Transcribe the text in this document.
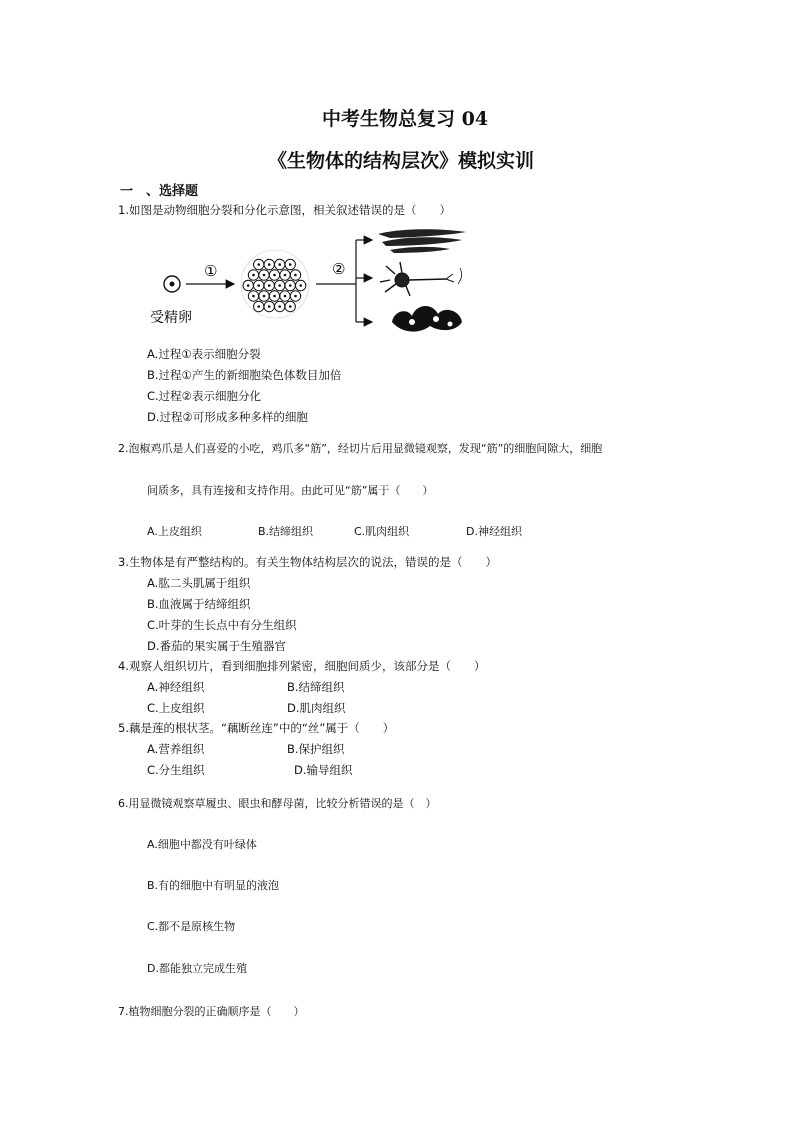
中考生物总复习 04
《生物体的结构层次》模拟实训
一　、选择题
1.如图是动物细胞分裂和分化示意图，相关叙述错误的是（　　）
受精卵
①	②
A.过程①表示细胞分裂
B.过程①产生的新细胞染色体数目加倍
C.过程②表示细胞分化
D.过程②可形成多种多样的细胞
2.泡椒鸡爪是人们喜爱的小吃，鸡爪多“筋”，经切片后用显微镜观察，发现“筋”的细胞间隙大，细胞
间质多，具有连接和支持作用。由此可见“筋”属于（　　）
A.上皮组织	B.结缔组织	C.肌肉组织	D.神经组织
3.生物体是有严整结构的。有关生物体结构层次的说法，错误的是（　　）
A.肱二头肌属于组织
B.血液属于结缔组织
C.叶芽的生长点中有分生组织
D.番茄的果实属于生殖器官
4.观察人组织切片，看到细胞排列紧密，细胞间质少，该部分是（　　）
A.神经组织	B.结缔组织
C.上皮组织	D.肌肉组织
5.藕是莲的根状茎。“藕断丝连”中的“丝”属于（　　）
A.营养组织	B.保护组织
C.分生组织	D.输导组织
6.用显微镜观察草履虫、眼虫和酵母菌，比较分析错误的是（　）
A.细胞中都没有叶绿体
B.有的细胞中有明显的液泡
C.都不是原核生物
D.都能独立完成生殖
7.植物细胞分裂的正确顺序是（　　）
